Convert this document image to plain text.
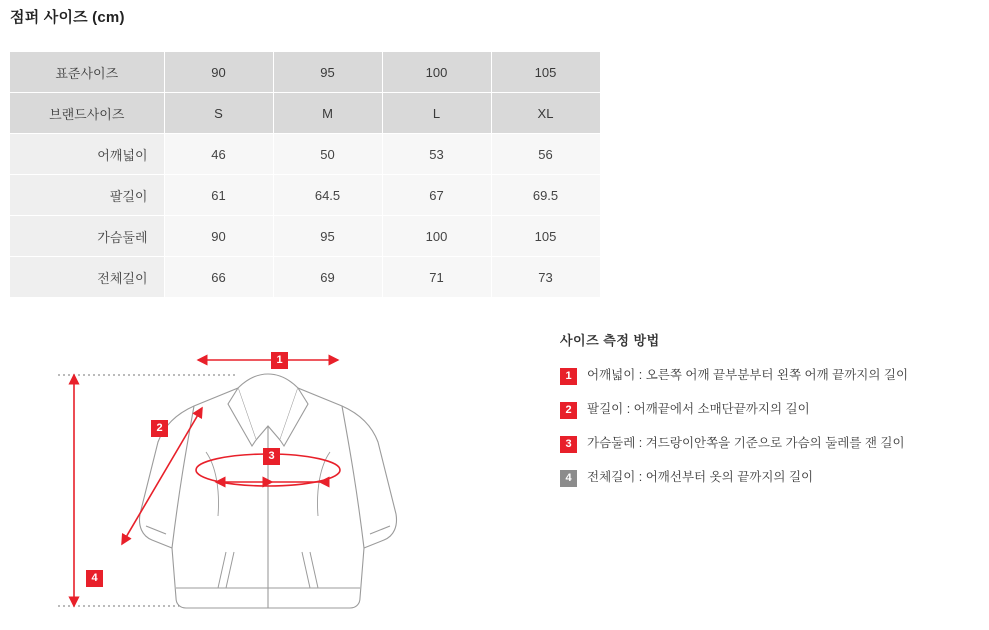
점퍼 사이즈 (cm)
표준사이즈	90	95	100	105
브랜드사이즈	S	M	L	XL
어깨넓이	46	50	53	56
팔길이	61	64.5	67	69.5
가슴둘레	90	95	100	105
전체길이	66	69	71	73
1
2
3
4
사이즈 측정 방법
1	어깨넓이 : 오른쪽 어깨 끝부분부터 왼쪽 어깨 끝까지의 길이
2	팔길이 : 어깨끝에서 소매단끝까지의 길이
3	가슴둘레 : 겨드랑이안쪽을 기준으로 가슴의 둘레를 잰 길이
4	전체길이 : 어깨선부터 옷의 끝까지의 길이
